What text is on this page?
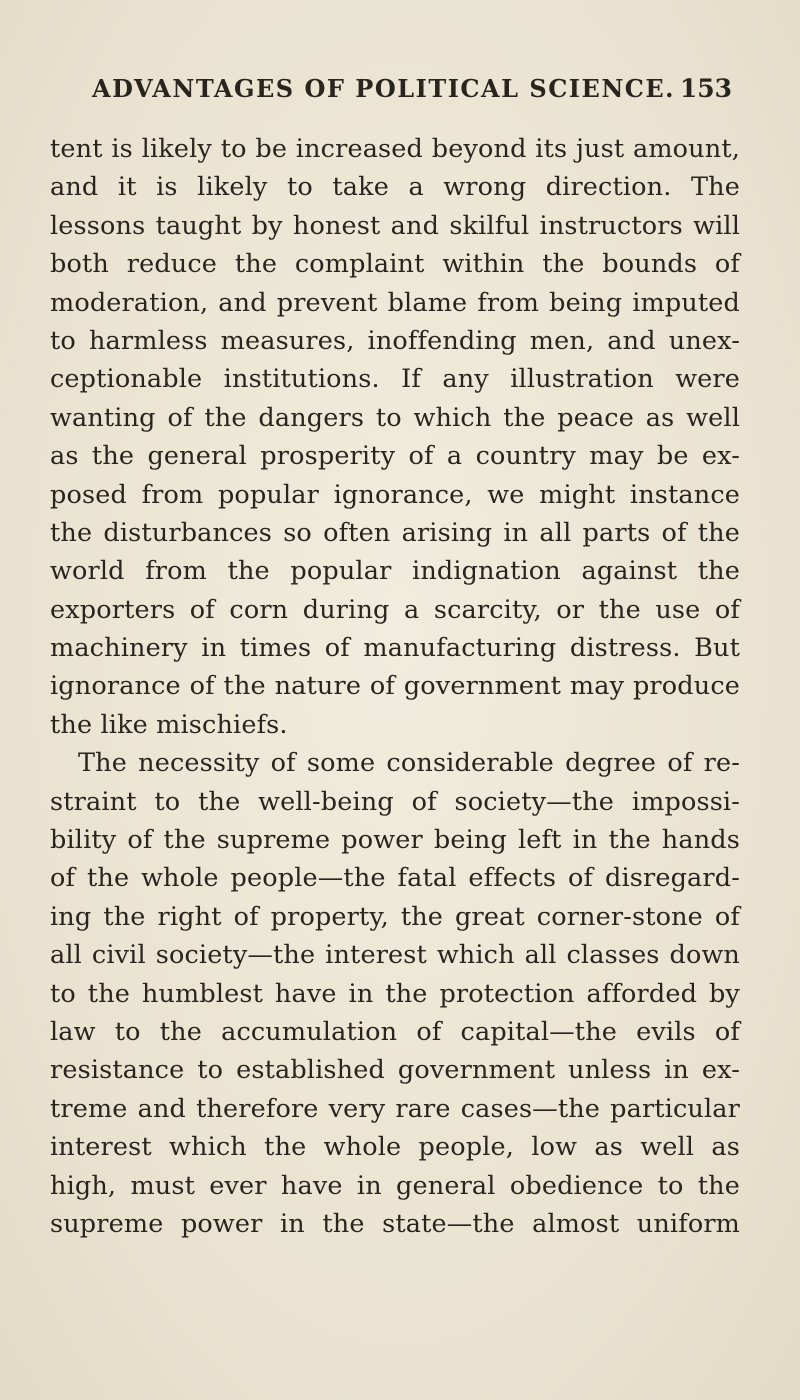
ADVANTAGES OF POLITICAL SCIENCE. 153
tent is likely to be increased beyond its just amount,
and it is likely to take a wrong direction. The
lessons taught by honest and skilful instructors will
both reduce the complaint within the bounds of
moderation, and prevent blame from being imputed
to harmless measures, inoffending men, and unex-
ceptionable institutions. If any illustration were
wanting of the dangers to which the peace as well
as the general prosperity of a country may be ex-
posed from popular ignorance, we might instance
the disturbances so often arising in all parts of the
world from the popular indignation against the
exporters of corn during a scarcity, or the use of
machinery in times of manufacturing distress. But
ignorance of the nature of government may produce
the like mischiefs.
The necessity of some considerable degree of re-
straint to the well-being of society—the impossi-
bility of the supreme power being left in the hands
of the whole people—the fatal effects of disregard-
ing the right of property, the great corner-stone of
all civil society—the interest which all classes down
to the humblest have in the protection afforded by
law to the accumulation of capital—the evils of
resistance to established government unless in ex-
treme and therefore very rare cases—the particular
interest which the whole people, low as well as
high, must ever have in general obedience to the
supreme power in the state—the almost uniform
